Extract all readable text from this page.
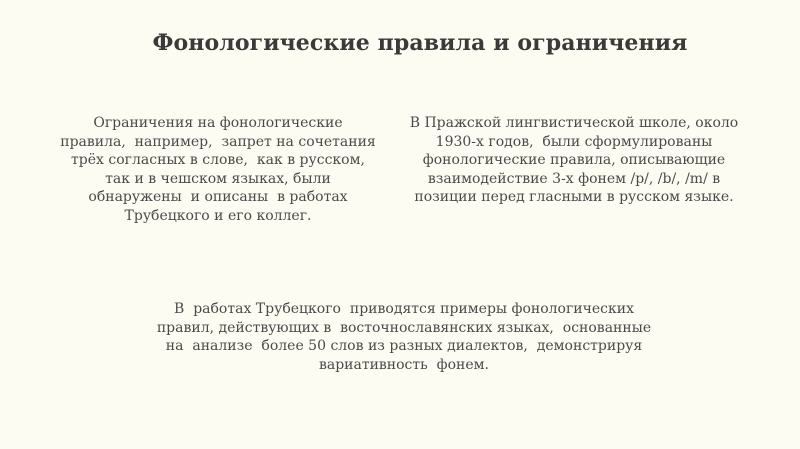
Фонологические правила и ограничения

Ограничения на фонологические
правила,  например,  запрет на сочетания
трёх согласных в слове,  как в русском,
так и в чешском языках, были
обнаружены  и описаны  в работах
Трубецкого и его коллег.

В Пражской лингвистической школе, около
1930-х годов,  были сформулированы
фонологические правила, описывающие
взаимодействие 3-х фонем /p/, /b/, /m/ в
позиции перед гласными в русском языке.

В  работах Трубецкого  приводятся примеры фонологических
правил, действующих в  восточнославянских языках,  основанные
на  анализе  более 50 слов из разных диалектов,  демонстрируя
вариативность  фонем.
